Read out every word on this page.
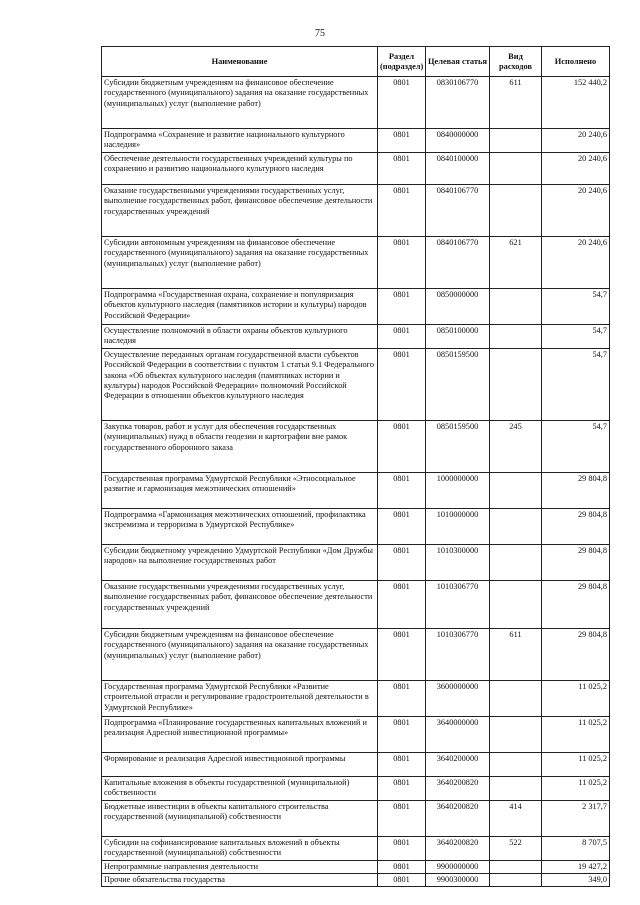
75
Наименование	Раздел (подраздел)	Целевая статья	Вид расходов	Исполнено
Субсидии бюджетным учреждениям на финансовое обеспечение государственного (муниципального) задания на оказание государственных (муниципальных) услуг (выполнение работ)	0801	0830106770	611	152 440,2
Подпрограмма «Сохранение и развитие национального культурного наследия»	0801	0840000000		20 240,6
Обеспечение деятельности государственных учреждений культуры по сохранению и развитию национального культурного наследия	0801	0840100000		20 240,6
Оказание государственными учреждениями государственных услуг, выполнение государственных работ, финансовое обеспечение деятельности государственных учреждений	0801	0840106770		20 240,6
Субсидии автономным учреждениям на финансовое обеспечение государственного (муниципального) задания на оказание государственных (муниципальных) услуг (выполнение работ)	0801	0840106770	621	20 240,6
Подпрограмма «Государственная охрана, сохранение и популяризация объектов культурного наследия (памятников истории и культуры) народов Российской Федерации»	0801	0850000000		54,7
Осуществление полномочий в области охраны объектов культурного наследия	0801	0850100000		54,7
Осуществление переданных органам государственной власти субъектов Российской Федерации в соответствии с пунктом 1 статьи 9.1 Федерального закона «Об объектах культурного наследия (памятниках истории и культуры) народов Российской Федерации» полномочий Российской Федерации в отношении объектов культурного наследия	0801	0850159500		54,7
Закупка товаров, работ и услуг для обеспечения государственных (муниципальных) нужд в области геодезии и картографии вне рамок государственного оборонного заказа	0801	0850159500	245	54,7
Государственная программа Удмуртской Республики «Этносоциальное развитие и гармонизация межэтнических отношений»	0801	1000000000		29 804,8
Подпрограмма «Гармонизация межэтнических отношений, профилактика экстремизма и терроризма в Удмуртской Республике»	0801	1010000000		29 804,8
Субсидии бюджетному учреждению Удмуртской Республики «Дом Дружбы народов» на выполнение государственных работ	0801	1010300000		29 804,8
Оказание государственными учреждениями государственных услуг, выполнение государственных работ, финансовое обеспечение деятельности государственных учреждений	0801	1010306770		29 804,8
Субсидии бюджетным учреждениям на финансовое обеспечение государственного (муниципального) задания на оказание государственных (муниципальных) услуг (выполнение работ)	0801	1010306770	611	29 804,8
Государственная программа Удмуртской Республики «Развитие строительной отрасли и регулирование градостроительной деятельности в Удмуртской Республике»	0801	3600000000		11 025,2
Подпрограмма «Планирование государственных капитальных вложений и реализация Адресной инвестиционной программы»	0801	3640000000		11 025,2
Формирование и реализация Адресной инвестиционной программы	0801	3640200000		11 025,2
Капитальные вложения в объекты государственной (муниципальной) собственности	0801	3640200820		11 025,2
Бюджетные инвестиции в объекты капитального строительства государственной (муниципальной) собственности	0801	3640200820	414	2 317,7
Субсидии на софинансирование капитальных вложений в объекты государственной (муниципальной) собственности	0801	3640200820	522	8 707,5
Непрограммные направления деятельности	0801	9900000000		19 427,2
Прочие обязательства государства	0801	9900300000		349,0
